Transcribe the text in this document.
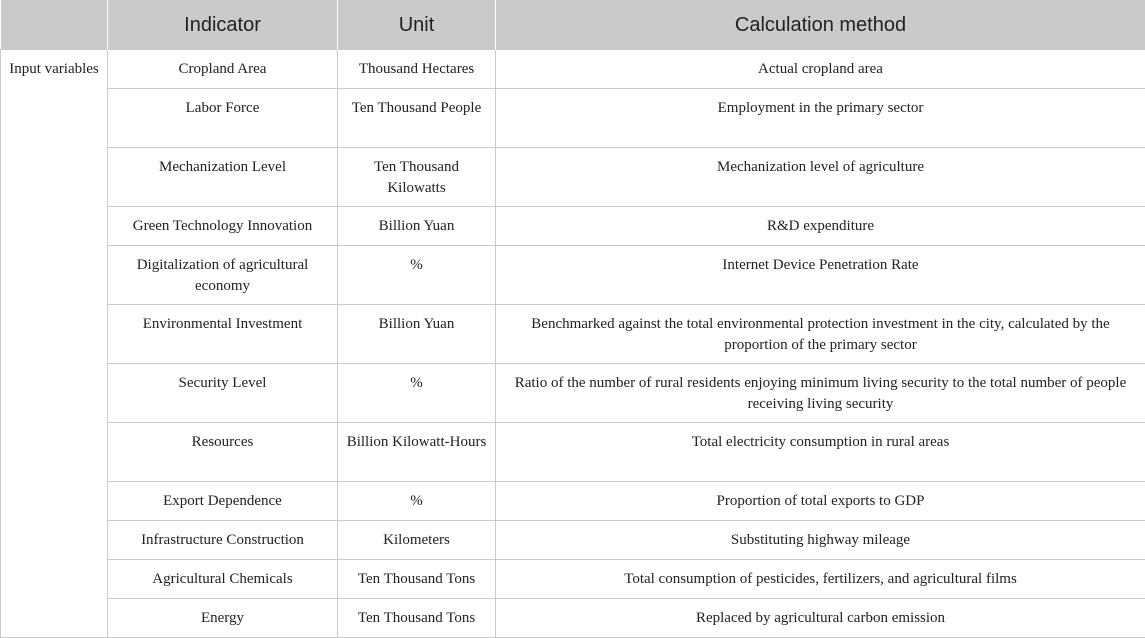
	Indicator	Unit	Calculation method
Input variables	Cropland Area	Thousand Hectares	Actual cropland area
	Labor Force	Ten Thousand People	Employment in the primary sector
	Mechanization Level	Ten Thousand Kilowatts	Mechanization level of agriculture
	Green Technology Innovation	Billion Yuan	R&D expenditure
	Digitalization of agricultural economy	%	Internet Device Penetration Rate
	Environmental Investment	Billion Yuan	Benchmarked against the total environmental protection investment in the city, calculated by the proportion of the primary sector
	Security Level	%	Ratio of the number of rural residents enjoying minimum living security to the total number of people receiving living security
	Resources	Billion Kilowatt-Hours	Total electricity consumption in rural areas
	Export Dependence	%	Proportion of total exports to GDP
	Infrastructure Construction	Kilometers	Substituting highway mileage
	Agricultural Chemicals	Ten Thousand Tons	Total consumption of pesticides, fertilizers, and agricultural films
	Energy	Ten Thousand Tons	Replaced by agricultural carbon emission
